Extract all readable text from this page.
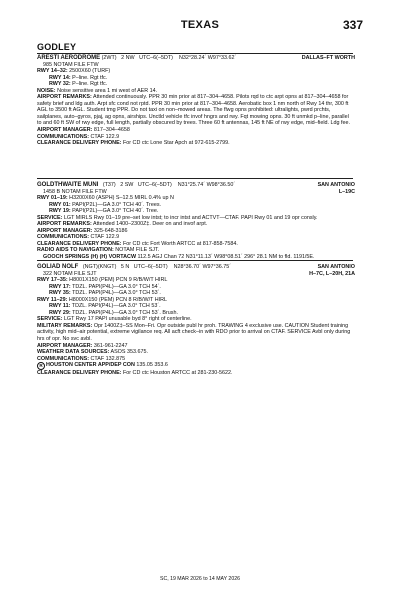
TEXAS	337
GODLEY
ARESTI AERODROME (2WT) 2 NW UTC–6(–5DT) N32°28.24´ W97°33.62´	DALLAS–FT WORTH
985 NOTAM FILE FTW
RWY 14–32: 2500X60 (TURF)
RWY 14: P–line. Rgt tfc.
RWY 32: P–line. Rgt tfc.
NOISE: Noise sensitive area 1 mi west of AER 14.
AIRPORT REMARKS: Attended continuously. PPR 30 min prior at 817–304–4658. Pilots rqd to ctc arpt opns at 817–304–4658 for safety brief and ldg auth. Arpt sfc cond not rptd. PPR 30 min prior at 817–304–4658. Aerobatic box 1 nm north of Rwy 14 thr, 300 ft AGL to 3500 ft AGL. Student tmg PPR. Do not taxi on non–mowed areas. The flwg opns prohibited: ultralights, pwrd prchts, sailplanes, auto–gyros, pjaj, ag opns, airships. Unctld vehicle tfc invof hngrs and rwy. Fqt mowing opns. 30 ft unmkd p–line, parallel to and 60 ft SW of rwy edge, full length, partially obscured by trees. Three 60 ft antennas, 145 ft NE of rwy edge, mid–field. Ldg fee.
AIRPORT MANAGER: 817–304–4658
COMMUNICATIONS: CTAF 122.9
CLEARANCE DELIVERY PHONE: For CD ctc Lone Star Apch at 972-615-2799.
GOLDTHWAITE MUNI (T37) 2 SW UTC–6(–5DT) N31°25.74´ W98°36.50´	SAN ANTONIO
1458 B NOTAM FILE FTW	L–19C
RWY 01–19: H3200X60 (ASPH) S–12.5 MIRL 0.4% up N
RWY 01: PAPI(P2L)—GA 3.0° TCH 40´. Trees.
RWY 19: PAPI(P2L)—GA 3.0° TCH 40´. Tree.
SERVICE: LGT MIRLS Rwy 01–19 pre–set low intst; to incr intst and ACTVT—CTAF. PAPI Rwy 01 and 19 opr consly.
AIRPORT REMARKS: Attended 1400–2300Z‡. Deer on and invof arpt.
AIRPORT MANAGER: 325-648-3186
COMMUNICATIONS: CTAF 122.9
CLEARANCE DELIVERY PHONE: For CD ctc Fort Worth ARTCC at 817-858-7584.
RADIO AIDS TO NAVIGATION: NOTAM FILE SJT.
GOOCH SPRINGS (H) (H) VORTACW 112.5 AGJ Chan 72 N31°11.13´ W98°08.51´ 296° 28.1 NM to fld. 1191/5E.
GOLIAD NOLF (NGT)(KNGT) 5 N UTC–6(–5DT) N28°36.70´ W97°36.75´	SAN ANTONIO
322 NOTAM FILE SJT	H–7C, L–20H, 21A
RWY 17–35: H8001X150 (PEM) PCN 9 R/B/W/T HIRL
RWY 17: TDZL. PAPI(P4L)—GA 3.0° TCH 54´.
RWY 35: TDZL. PAPI(P4L)—GA 3.0° TCH 53´.
RWY 11–29: H8000X150 (PEM) PCN 8 R/B/W/T HIRL
RWY 11: TDZL. PAPI(P4L)—GA 3.0° TCH 53´.
RWY 29: TDZL. PAPI(P4L)—GA 3.0° TCH 53´. Brush.
SERVICE: LGT Rwy 17 PAPI unusable byd 8° right of centerline.
MILITARY REMARKS: Opr 1400Z‡–SS Mon–Fri. Opr outside publ hr proh. TRAWING 4 exclusive use. CAUTION Student training activity, high mid–air potential, extreme vigilance req. All acft check–in with RDO prior to arrival on CTAF. SERVICE Avbl only during hrs of opr. No svc avbl.
AIRPORT MANAGER: 361-961-2247
WEATHER DATA SOURCES: ASOS 353.675.
COMMUNICATIONS: CTAF 132.875
R HOUSTON CENTER APP/DEP CON 135.05 353.6
CLEARANCE DELIVERY PHONE: For CD ctc Houston ARTCC at 281-230-5622.
SC, 19 MAR 2026 to 14 MAY 2026
